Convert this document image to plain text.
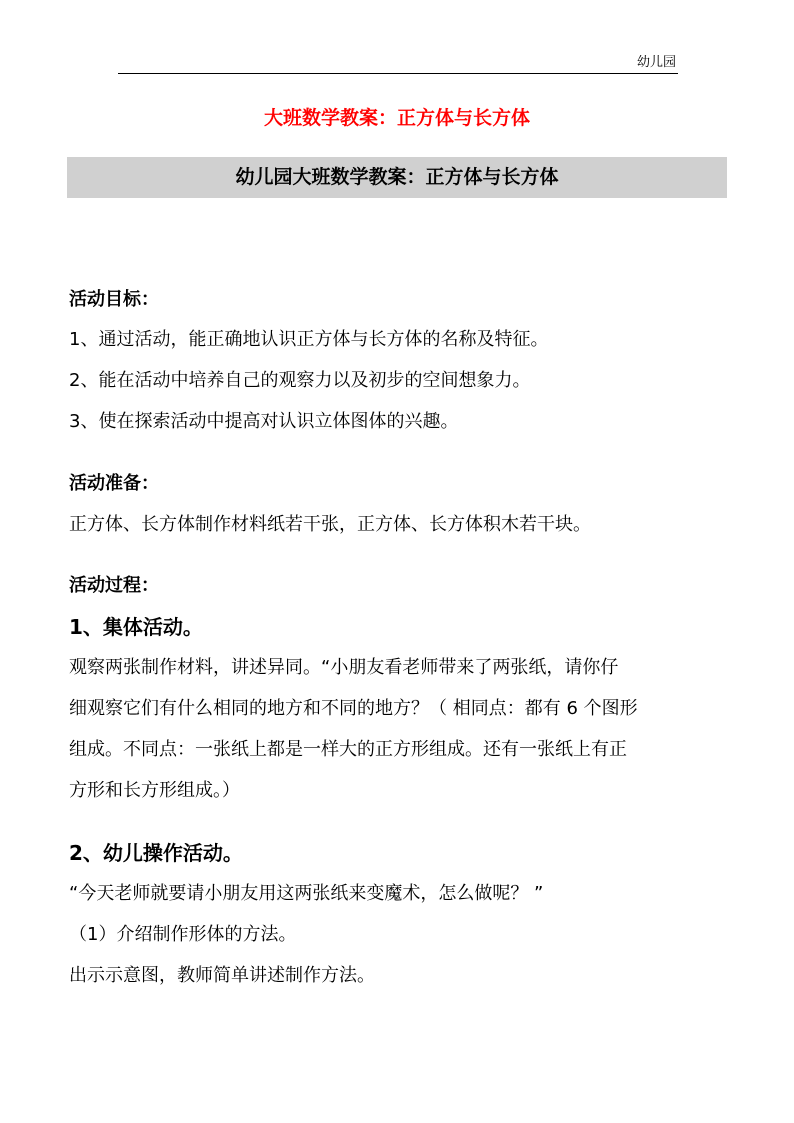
幼儿园
大班数学教案：正方体与长方体
幼儿园大班数学教案：正方体与长方体
活动目标：
1、通过活动，能正确地认识正方体与长方体的名称及特征。
2、能在活动中培养自己的观察力以及初步的空间想象力。
3、使在探索活动中提高对认识立体图体的兴趣。
活动准备：
正方体、长方体制作材料纸若干张，正方体、长方体积木若干块。
活动过程：
1、集体活动。
观察两张制作材料，讲述异同。“小朋友看老师带来了两张纸，请你仔
细观察它们有什么相同的地方和不同的地方？（ 相同点：都有 6 个图形
组成。不同点：一张纸上都是一样大的正方形组成。还有一张纸上有正
方形和长方形组成。）
2、幼儿操作活动。
“今天老师就要请小朋友用这两张纸来变魔术，怎么做呢？ ”
（1）介绍制作形体的方法。
出示示意图，教师简单讲述制作方法。
